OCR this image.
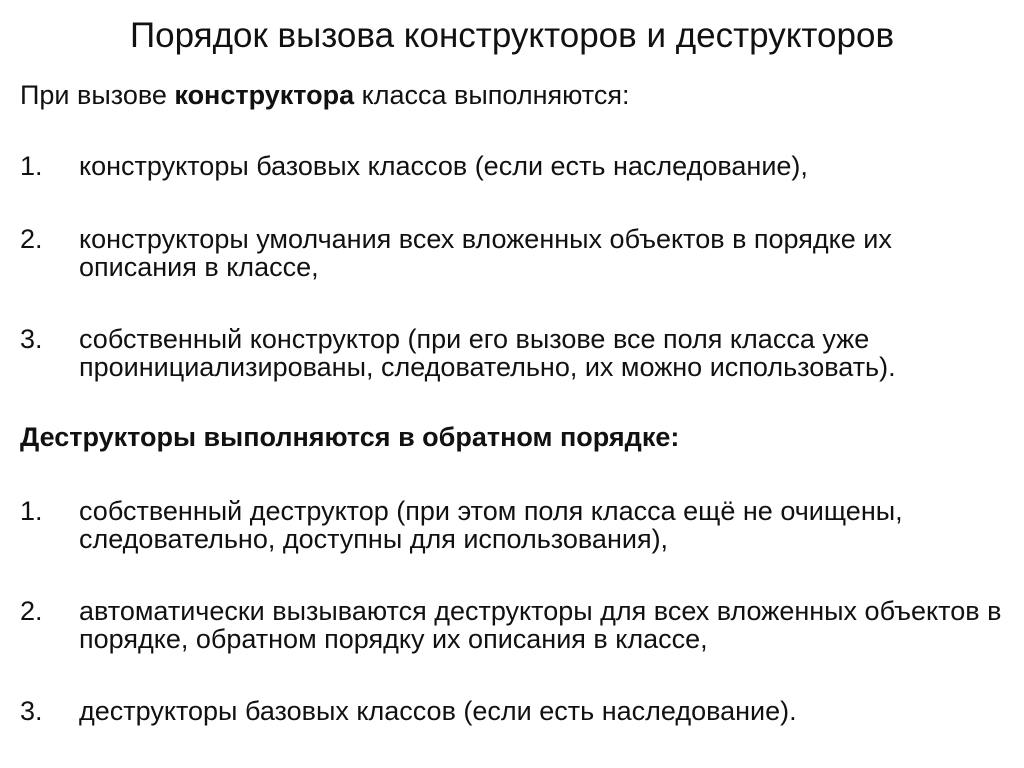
Порядок вызова конструкторов и деструкторов

При вызове конструктора класса выполняются:

1. конструкторы базовых классов (если есть наследование),
2. конструкторы умолчания всех вложенных объектов в порядке их описания в классе,
3. собственный конструктор (при его вызове все поля класса уже проинициализированы, следовательно, их можно использовать).

Деструкторы выполняются в обратном порядке:

1. собственный деструктор (при этом поля класса ещё не очищены, следовательно, доступны для использования),
2. автоматически вызываются деструкторы для всех вложенных объектов в порядке, обратном порядку их описания в классе,
3. деструкторы базовых классов (если есть наследование).
